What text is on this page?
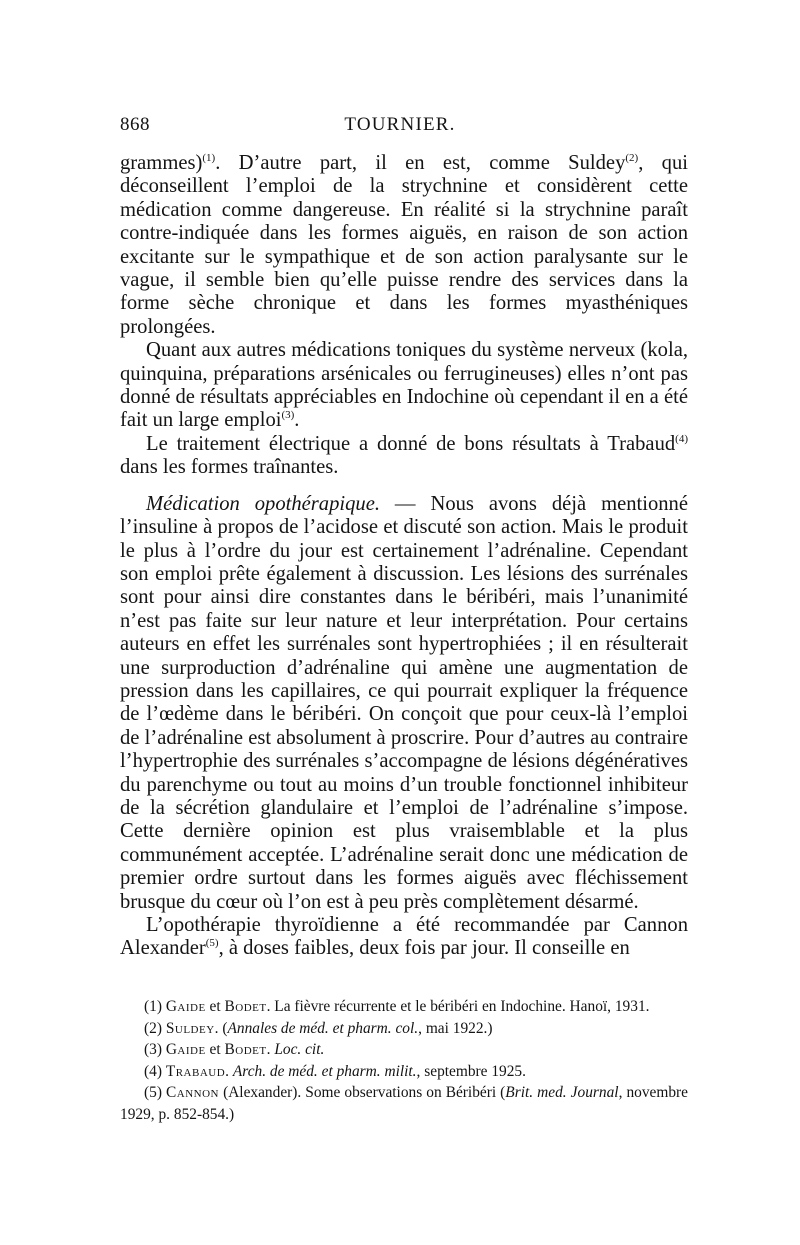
868	TOURNIER.

grammes)$^{(1)}$. D’autre part, il en est, comme Suldey$^{(2)}$, qui déconseillent l’emploi de la strychnine et considèrent cette médication comme dangereuse. En réalité si la strychnine paraît contre-indiquée dans les formes aiguës, en raison de son action excitante sur le sympathique et de son action paralysante sur le vague, il semble bien qu’elle puisse rendre des services dans la forme sèche chronique et dans les formes myasthéniques prolongées.

Quant aux autres médications toniques du système nerveux (kola, quinquina, préparations arsénicales ou ferrugineuses) elles n’ont pas donné de résultats appréciables en Indochine où cependant il en a été fait un large emploi$^{(3)}$.

Le traitement électrique a donné de bons résultats à Trabaud$^{(4)}$ dans les formes traînantes.

Médication opothérapique. — Nous avons déjà mentionné l’insuline à propos de l’acidose et discuté son action. Mais le produit le plus à l’ordre du jour est certainement l’adrénaline. Cependant son emploi prête également à discussion. Les lésions des surrénales sont pour ainsi dire constantes dans le béribéri, mais l’unanimité n’est pas faite sur leur nature et leur interprétation. Pour certains auteurs en effet les surrénales sont hypertrophiées ; il en résulterait une surproduction d’adrénaline qui amène une augmentation de pression dans les capillaires, ce qui pourrait expliquer la fréquence de l’œdème dans le béribéri. On conçoit que pour ceux-là l’emploi de l’adrénaline est absolument à proscrire. Pour d’autres au contraire l’hypertrophie des surrénales s’accompagne de lésions dégénératives du parenchyme ou tout au moins d’un trouble fonctionnel inhibiteur de la sécrétion glandulaire et l’emploi de l’adrénaline s’impose. Cette dernière opinion est plus vraisemblable et la plus communément acceptée. L’adrénaline serait donc une médication de premier ordre surtout dans les formes aiguës avec fléchissement brusque du cœur où l’on est à peu près complètement désarmé.

L’opothérapie thyroïdienne a été recommandée par Cannon Alexander$^{(5)}$, à doses faibles, deux fois par jour. Il conseille en

(1) Gaide et Bodet. La fièvre récurrente et le béribéri en Indochine. Hanoï, 1931.

(2) Suldey. (Annales de méd. et pharm. col., mai 1922.)

(3) Gaide et Bodet. Loc. cit.

(4) Trabaud. Arch. de méd. et pharm. milit., septembre 1925.

(5) Cannon (Alexander). Some observations on Béribéri (Brit. med. Journal, novembre 1929, p. 852-854.)
